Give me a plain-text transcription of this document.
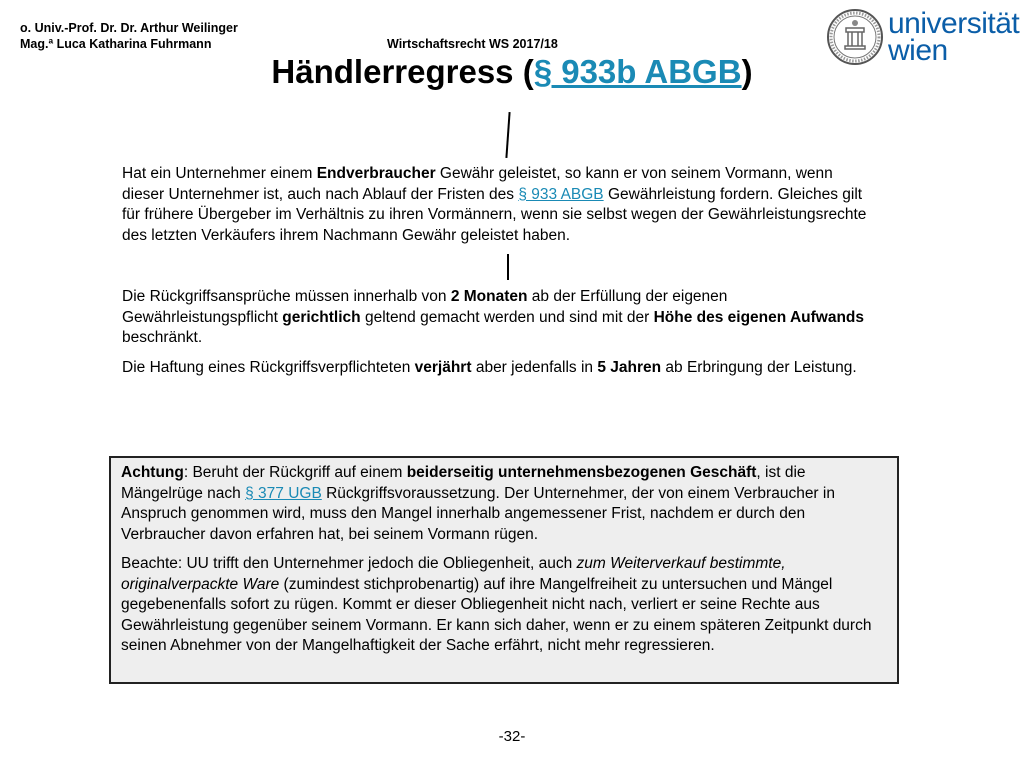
o. Univ.-Prof. Dr. Dr. Arthur Weilinger
Mag.ª Luca Katharina Fuhrmann	Wirtschaftsrecht WS 2017/18
universität
wien
Händlerregress (§ 933b ABGB)

Hat ein Unternehmer einem Endverbraucher Gewähr geleistet, so kann er von seinem Vormann, wenn dieser Unternehmer ist, auch nach Ablauf der Fristen des § 933 ABGB Gewährleistung fordern. Gleiches gilt für frühere Übergeber im Verhältnis zu ihren Vormännern, wenn sie selbst wegen der Gewährleistungsrechte des letzten Verkäufers ihrem Nachmann Gewähr geleistet haben.

Die Rückgriffsansprüche müssen innerhalb von 2 Monaten ab der Erfüllung der eigenen Gewährleistungspflicht gerichtlich geltend gemacht werden und sind mit der Höhe des eigenen Aufwands beschränkt.

Die Haftung eines Rückgriffsverpflichteten verjährt aber jedenfalls in 5 Jahren ab Erbringung der Leistung.

Achtung: Beruht der Rückgriff auf einem beiderseitig unternehmensbezogenen Geschäft, ist die Mängelrüge nach § 377 UGB Rückgriffsvoraussetzung. Der Unternehmer, der von einem Verbraucher in Anspruch genommen wird, muss den Mangel innerhalb angemessener Frist, nachdem er durch den Verbraucher davon erfahren hat, bei seinem Vormann rügen.

Beachte: UU trifft den Unternehmer jedoch die Obliegenheit, auch zum Weiterverkauf bestimmte, originalverpackte Ware (zumindest stichprobenartig) auf ihre Mangelfreiheit zu untersuchen und Mängel gegebenenfalls sofort zu rügen. Kommt er dieser Obliegenheit nicht nach, verliert er seine Rechte aus Gewährleistung gegenüber seinem Vormann. Er kann sich daher, wenn er zu einem späteren Zeitpunkt durch seinen Abnehmer von der Mangelhaftigkeit der Sache erfährt, nicht mehr regressieren.

-32-
